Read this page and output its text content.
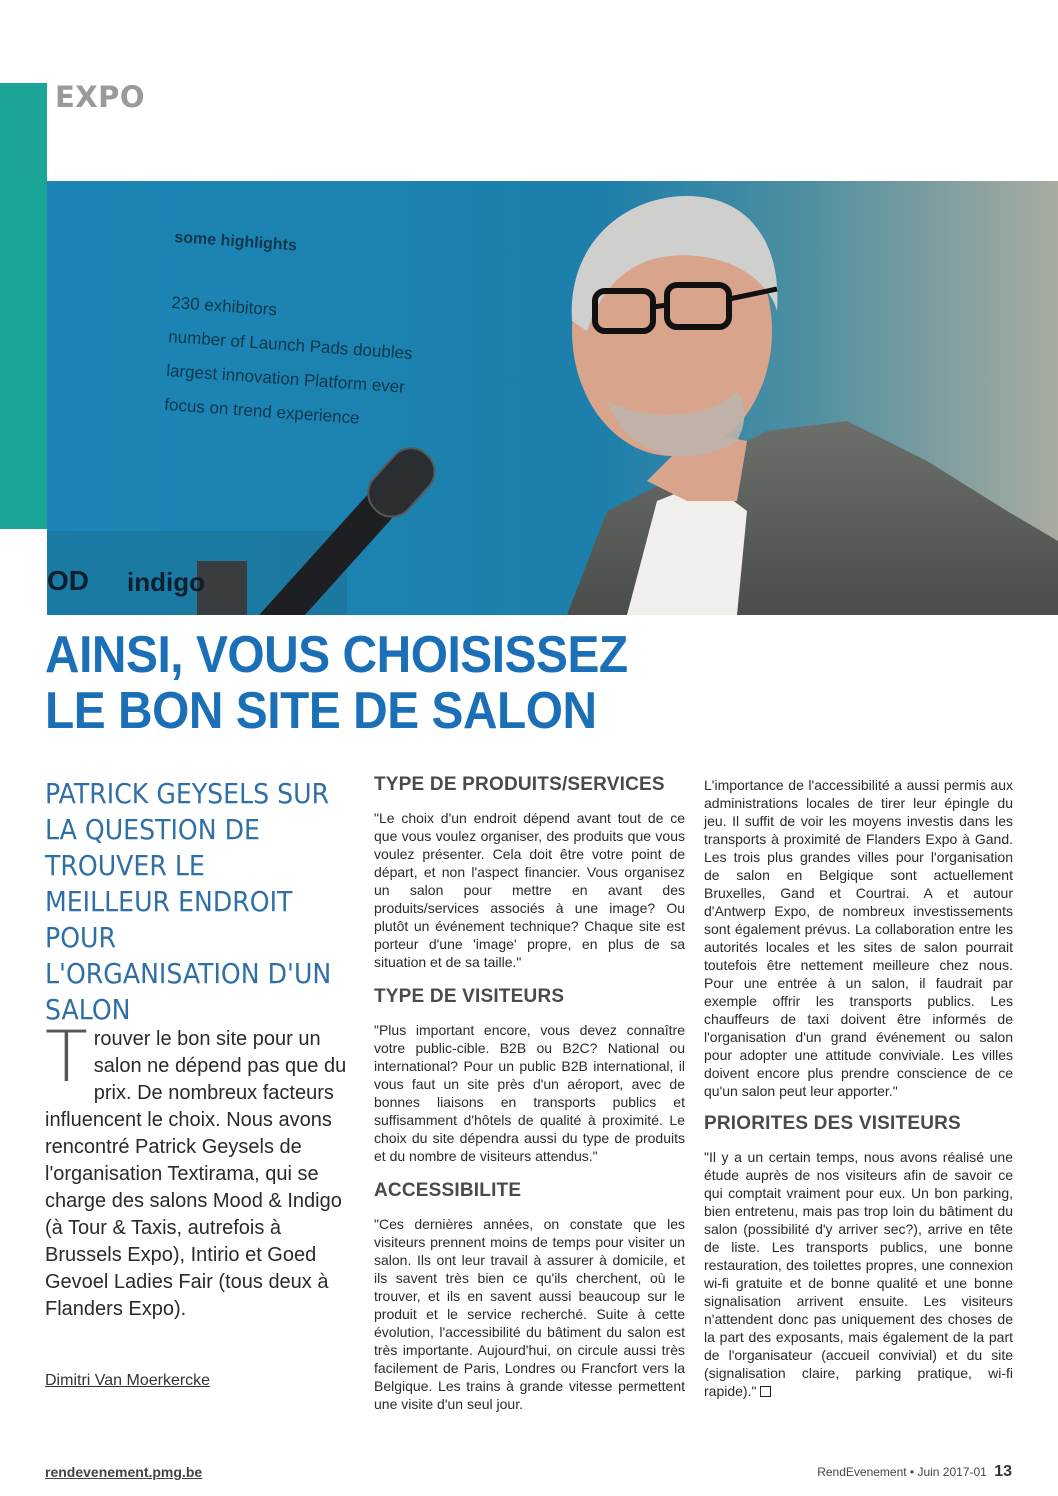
EXPO
some highlights
230 exhibitors
number of Launch Pads doubles
largest innovation Platform ever
focus on trend experience
OD indigo
AINSI, VOUS CHOISISSEZ
LE BON SITE DE SALON
PATRICK GEYSELS SUR LA QUESTION DE TROUVER LE MEILLEUR ENDROIT POUR L'ORGANISATION D'UN SALON

Trouver le bon site pour un salon ne dépend pas que du prix. De nombreux facteurs influencent le choix. Nous avons rencontré Patrick Geysels de l'organisation Textirama, qui se charge des salons Mood & Indigo (à Tour & Taxis, autrefois à Brussels Expo), Intirio et Goed Gevoel Ladies Fair (tous deux à Flanders Expo).

Dimitri Van Moerkercke
TYPE DE PRODUITS/SERVICES

"Le choix d'un endroit dépend avant tout de ce que vous voulez organiser, des produits que vous voulez présenter. Cela doit être votre point de départ, et non l'aspect financier. Vous organisez un salon pour mettre en avant des produits/services associés à une image? Ou plutôt un événement technique? Chaque site est porteur d'une 'image' propre, en plus de sa situation et de sa taille."

TYPE DE VISITEURS

"Plus important encore, vous devez connaître votre public-cible. B2B ou B2C? National ou international? Pour un public B2B international, il vous faut un site près d'un aéroport, avec de bonnes liaisons en transports publics et suffisamment d'hôtels de qualité à proximité. Le choix du site dépendra aussi du type de produits et du nombre de visiteurs attendus."

ACCESSIBILITE

"Ces dernières années, on constate que les visiteurs prennent moins de temps pour visiter un salon. Ils ont leur travail à assurer à domicile, et ils savent très bien ce qu'ils cherchent, où le trouver, et ils en savent aussi beaucoup sur le produit et le service recherché. Suite à cette évolution, l'accessibilité du bâtiment du salon est très importante. Aujourd'hui, on circule aussi très facilement de Paris, Londres ou Francfort vers la Belgique. Les trains à grande vitesse permettent une visite d'un seul jour.

L'importance de l'accessibilité a aussi permis aux administrations locales de tirer leur épingle du jeu. Il suffit de voir les moyens investis dans les transports à proximité de Flanders Expo à Gand. Les trois plus grandes villes pour l'organisation de salon en Belgique sont actuellement Bruxelles, Gand et Courtrai. A et autour d'Antwerp Expo, de nombreux investissements sont également prévus. La collaboration entre les autorités locales et les sites de salon pourrait toutefois être nettement meilleure chez nous. Pour une entrée à un salon, il faudrait par exemple offrir les transports publics. Les chauffeurs de taxi doivent être informés de l'organisation d'un grand événement ou salon pour adopter une attitude conviviale. Les villes doivent encore plus prendre conscience de ce qu'un salon peut leur apporter."

PRIORITES DES VISITEURS

"Il y a un certain temps, nous avons réalisé une étude auprès de nos visiteurs afin de savoir ce qui comptait vraiment pour eux. Un bon parking, bien entretenu, mais pas trop loin du bâtiment du salon (possibilité d'y arriver sec?), arrive en tête de liste. Les transports publics, une bonne restauration, des toilettes propres, une connexion wi-fi gratuite et de bonne qualité et une bonne signalisation arrivent ensuite. Les visiteurs n'attendent donc pas uniquement des choses de la part des exposants, mais également de la part de l'organisateur (accueil convivial) et du site (signalisation claire, parking pratique, wi-fi rapide)."

rendevenement.pmg.be	RendEvenement • Juin 2017-01 13
